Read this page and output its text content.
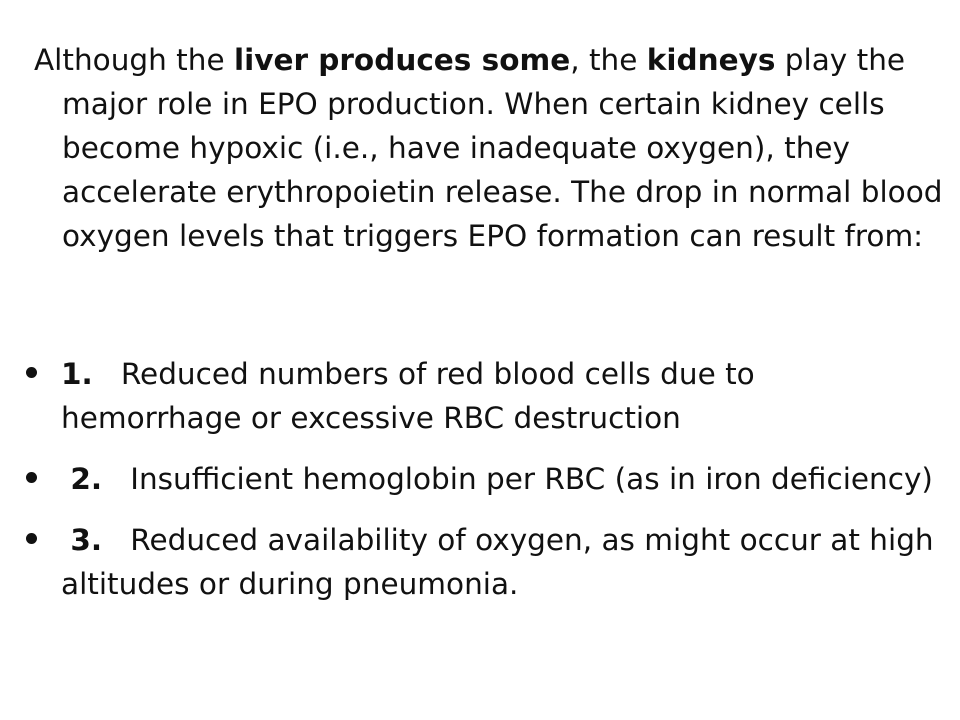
Although the liver produces some, the kidneys play the major role in EPO production. When certain kidney cells become hypoxic (i.e., have inadequate oxygen), they accelerate erythropoietin release. The drop in normal blood oxygen levels that triggers EPO formation can result from:

1. Reduced numbers of red blood cells due to hemorrhage or excessive RBC destruction
2. Insufficient hemoglobin per RBC (as in iron deficiency)
3. Reduced availability of oxygen, as might occur at high altitudes or during pneumonia.
